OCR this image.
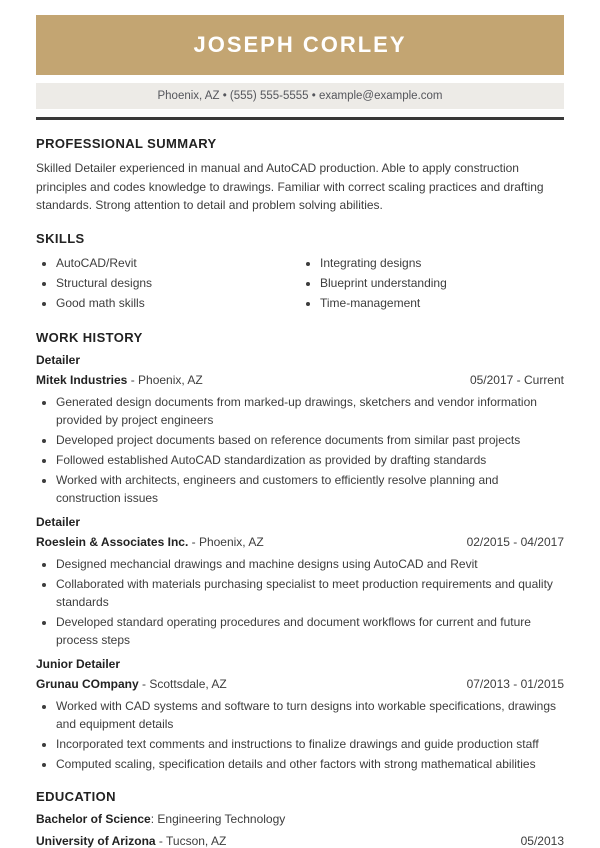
JOSEPH CORLEY
Phoenix, AZ • (555) 555-5555 • example@example.com
PROFESSIONAL SUMMARY

Skilled Detailer experienced in manual and AutoCAD production. Able to apply construction principles and codes knowledge to drawings. Familiar with correct scaling practices and drafting standards. Strong attention to detail and problem solving abilities.

SKILLS
• AutoCAD/Revit
• Structural designs
• Good math skills
• Integrating designs
• Blueprint understanding
• Time-management
WORK HISTORY
Detailer
Mitek Industries - Phoenix, AZ	05/2017 - Current
• Generated design documents from marked-up drawings, sketchers and vendor information provided by project engineers
• Developed project documents based on reference documents from similar past projects
• Followed established AutoCAD standardization as provided by drafting standards
• Worked with architects, engineers and customers to efficiently resolve planning and construction issues
Detailer
Roeslein & Associates Inc. - Phoenix, AZ	02/2015 - 04/2017
• Designed mechancial drawings and machine designs using AutoCAD and Revit
• Collaborated with materials purchasing specialist to meet production requirements and quality standards
• Developed standard operating procedures and document workflows for current and future process steps
Junior Detailer
Grunau COmpany - Scottsdale, AZ	07/2013 - 01/2015
• Worked with CAD systems and software to turn designs into workable specifications, drawings and equipment details
• Incorporated text comments and instructions to finalize drawings and guide production staff
• Computed scaling, specification details and other factors with strong mathematical abilities
EDUCATION
Bachelor of Science: Engineering Technology
University of Arizona - Tucson, AZ	05/2013
